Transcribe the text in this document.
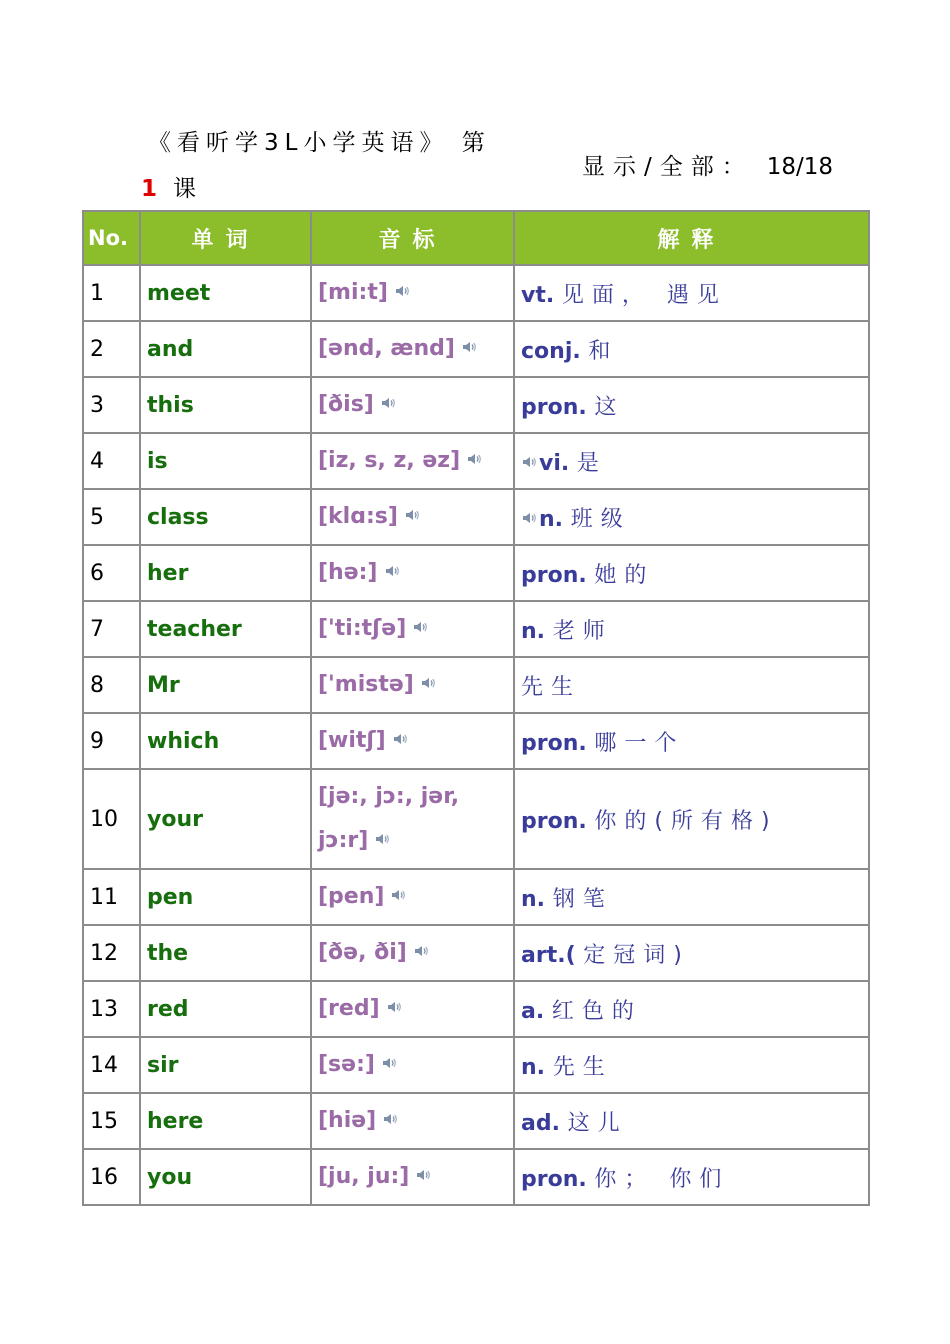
《看听学3L小学英语》 第
1 课
显示/全部： 18/18
No.	单词	音标	解释
1	meet	[mi:t]	vt. 见面， 遇见
2	and	[ənd, ænd]	conj. 和
3	this	[ðis]	pron. 这
4	is	[iz, s, z, əz]	vi. 是
5	class	[klɑ:s]	n. 班级
6	her	[hə:]	pron. 她的
7	teacher	['ti:tʃə]	n. 老师
8	Mr	['mistə]	先生
9	which	[witʃ]	pron. 哪一个
10	your	[jə:, jɔ:, jər, jɔ:r]	pron. 你的(所有格)
11	pen	[pen]	n. 钢笔
12	the	[ðə, ði]	art.( 定冠词)
13	red	[red]	a. 红色的
14	sir	[sə:]	n. 先生
15	here	[hiə]	ad. 这儿
16	you	[ju, ju:]	pron. 你； 你们
